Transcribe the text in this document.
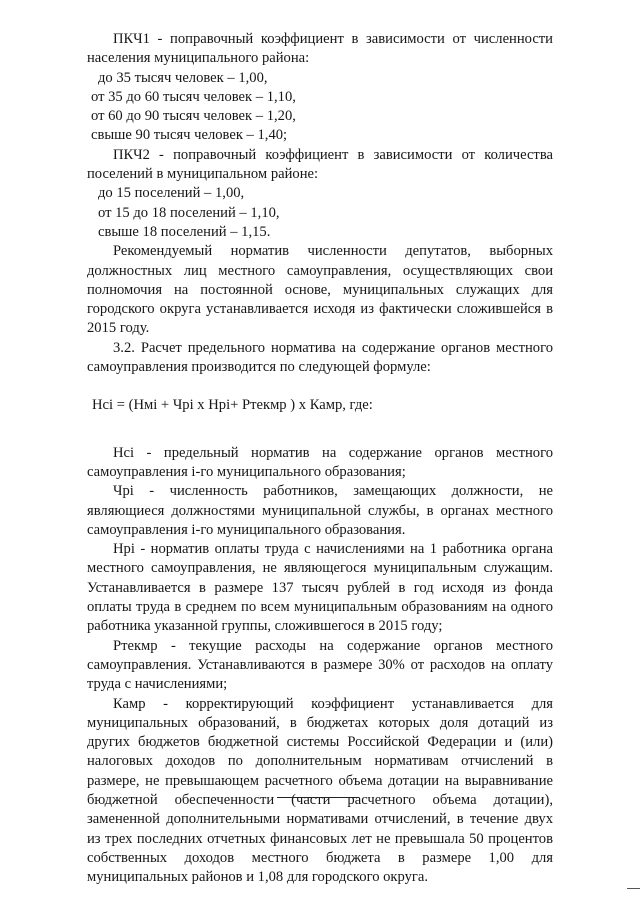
ПКЧ1 - поправочный коэффициент в зависимости от численности населения муниципального района:
до 35 тысяч человек – 1,00,
от 35 до 60 тысяч человек – 1,10,
от 60 до 90 тысяч человек – 1,20,
свыше 90 тысяч человек – 1,40;
ПКЧ2 - поправочный коэффициент в зависимости от количества поселений в муниципальном районе:
до 15 поселений – 1,00,
от 15 до 18 поселений – 1,10,
свыше 18 поселений – 1,15.
Рекомендуемый норматив численности депутатов, выборных должностных лиц местного самоуправления, осуществляющих свои полномочия на постоянной основе, муниципальных служащих для городского округа устанавливается исходя из фактически сложившейся в 2015 году.
3.2. Расчет предельного норматива на содержание органов местного самоуправления производится по следующей формуле:
Нсi = (Нмi + Чрi х Нрi+ Ртекмр ) х Камр, где:
Нсi - предельный норматив на содержание органов местного самоуправления i-го муниципального образования;
Чрi - численность работников, замещающих должности, не являющиеся должностями муниципальной службы, в органах местного самоуправления i-го муниципального образования.
Нрi - норматив оплаты труда с начислениями на 1 работника органа местного самоуправления, не являющегося муниципальным служащим. Устанавливается в размере 137 тысяч рублей в год исходя из фонда оплаты труда в среднем по всем муниципальным образованиям на одного работника указанной группы, сложившегося в 2015 году;
Ртекмр - текущие расходы на содержание органов местного самоуправления. Устанавливаются в размере 30% от расходов на оплату труда с начислениями;
Камр - корректирующий коэффициент устанавливается для муниципальных образований, в бюджетах которых доля дотаций из других бюджетов бюджетной системы Российской Федерации и (или) налоговых доходов по дополнительным нормативам отчислений в размере, не превышающем расчетного объема дотации на выравнивание бюджетной обеспеченности (части расчетного объема дотации), замененной дополнительными нормативами отчислений, в течение двух из трех последних отчетных финансовых лет не превышала 50 процентов собственных доходов местного бюджета в размере 1,00 для муниципальных районов и 1,08 для городского округа.
